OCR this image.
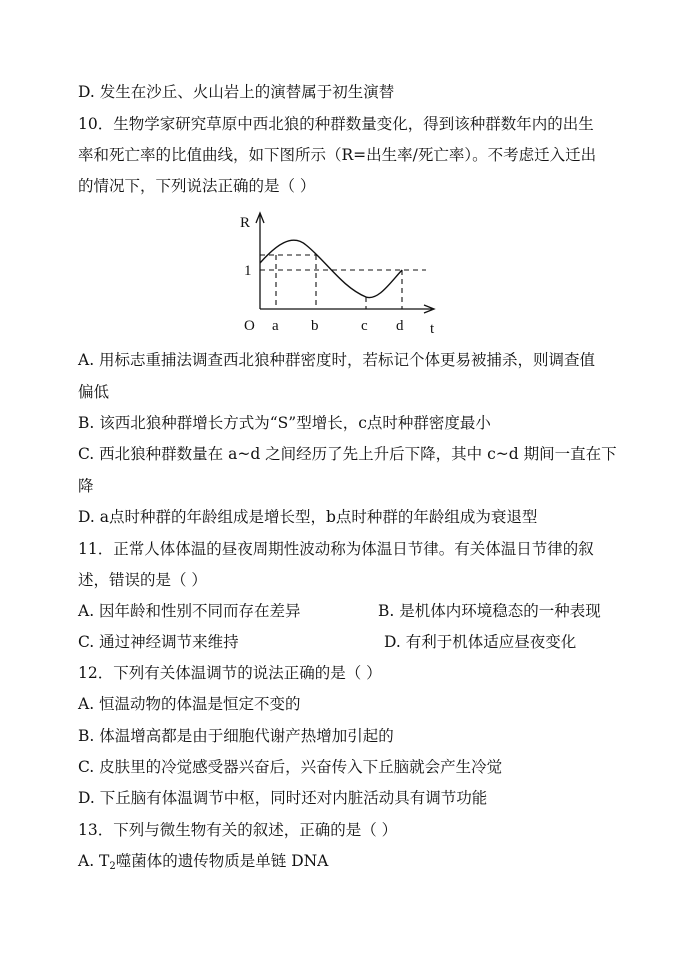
D. 发生在沙丘、火山岩上的演替属于初生演替
10．生物学家研究草原中西北狼的种群数量变化，得到该种群数年内的出生
率和死亡率的比值曲线，如下图所示（R=出生率/死亡率）。不考虑迁入迁出
的情况下，下列说法正确的是（ ）
R
1
O a b	c d t
A. 用标志重捕法调查西北狼种群密度时，若标记个体更易被捕杀，则调查值
偏低
B. 该西北狼种群增长方式为“S”型增长，c点时种群密度最小
C. 西北狼种群数量在 a~d 之间经历了先上升后下降，其中 c~d 期间一直在下
降
D. a点时种群的年龄组成是增长型，b点时种群的年龄组成为衰退型
11．正常人体体温的昼夜周期性波动称为体温日节律。有关体温日节律的叙
述，错误的是（ ）
A. 因年龄和性别不同而存在差异	B. 是机体内环境稳态的一种表现
C. 通过神经调节来维持	D. 有利于机体适应昼夜变化
12．下列有关体温调节的说法正确的是（ ）
A. 恒温动物的体温是恒定不变的
B. 体温增高都是由于细胞代谢产热增加引起的
C. 皮肤里的冷觉感受器兴奋后，兴奋传入下丘脑就会产生冷觉
D. 下丘脑有体温调节中枢，同时还对内脏活动具有调节功能
13．下列与微生物有关的叙述，正确的是（ ）
A. $T_2$噬菌体的遗传物质是单链 DNA
